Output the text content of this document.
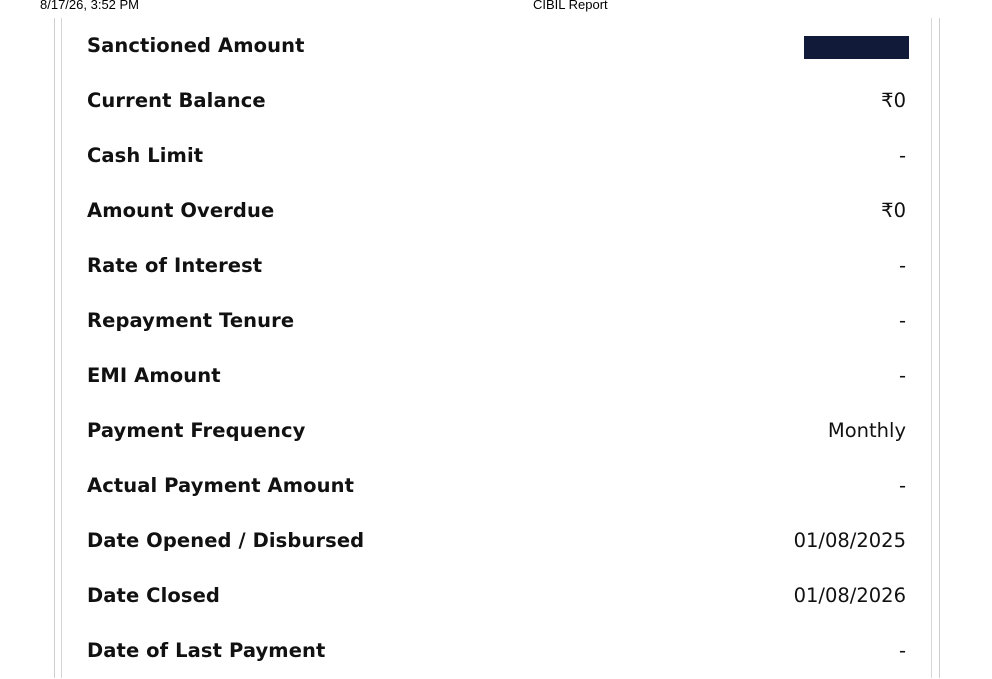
8/17/26, 3:52 PM	CIBIL Report
Sanctioned Amount
Current Balance	₹0
Cash Limit	-
Amount Overdue	₹0
Rate of Interest	-
Repayment Tenure	-
EMI Amount	-
Payment Frequency	Monthly
Actual Payment Amount	-
Date Opened / Disbursed	01/08/2025
Date Closed	01/08/2026
Date of Last Payment	-
